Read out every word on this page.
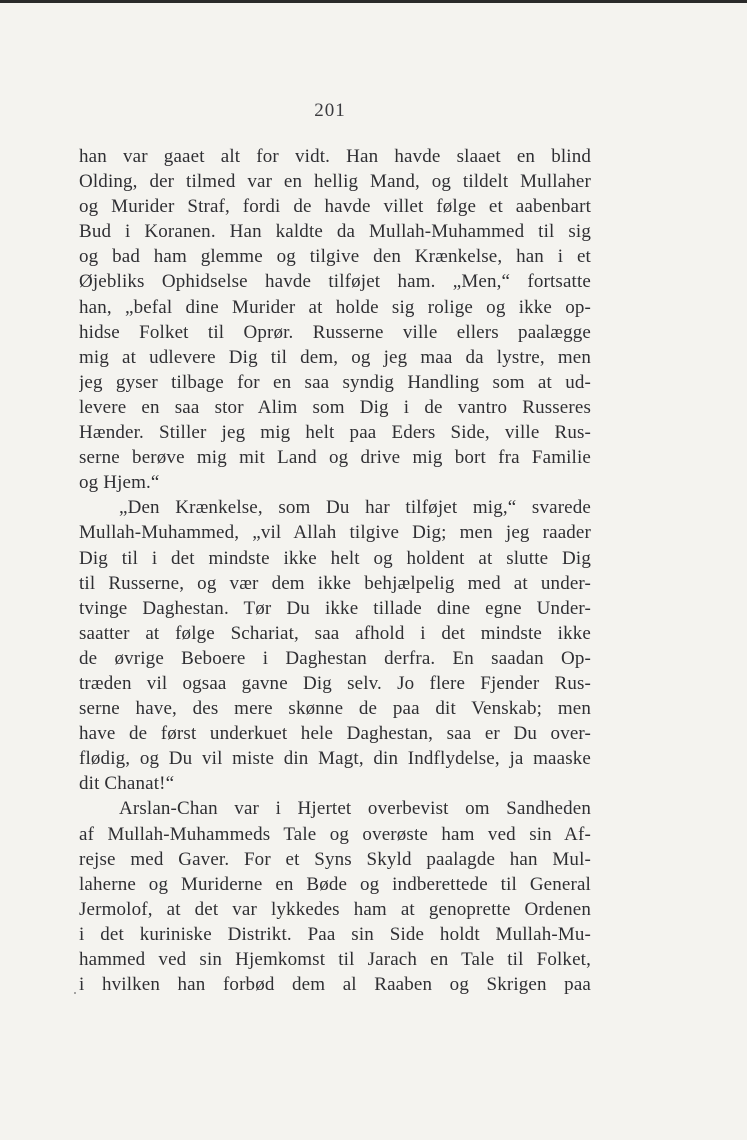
201
han var gaaet alt for vidt. Han havde slaaet en blind
Olding, der tilmed var en hellig Mand, og tildelt Mullaher
og Murider Straf, fordi de havde villet følge et aabenbart
Bud i Koranen. Han kaldte da Mullah-Muhammed til sig
og bad ham glemme og tilgive den Krænkelse, han i et
Øjebliks Ophidselse havde tilføjet ham. „Men,“ fortsatte
han, „befal dine Murider at holde sig rolige og ikke op-
hidse Folket til Oprør. Russerne ville ellers paalægge
mig at udlevere Dig til dem, og jeg maa da lystre, men
jeg gyser tilbage for en saa syndig Handling som at ud-
levere en saa stor Alim som Dig i de vantro Russeres
Hænder. Stiller jeg mig helt paa Eders Side, ville Rus-
serne berøve mig mit Land og drive mig bort fra Familie
og Hjem.“
„Den Krænkelse, som Du har tilføjet mig,“ svarede
Mullah-Muhammed, „vil Allah tilgive Dig; men jeg raader
Dig til i det mindste ikke helt og holdent at slutte Dig
til Russerne, og vær dem ikke behjælpelig med at under-
tvinge Daghestan. Tør Du ikke tillade dine egne Under-
saatter at følge Schariat, saa afhold i det mindste ikke
de øvrige Beboere i Daghestan derfra. En saadan Op-
træden vil ogsaa gavne Dig selv. Jo flere Fjender Rus-
serne have, des mere skønne de paa dit Venskab; men
have de først underkuet hele Daghestan, saa er Du over-
flødig, og Du vil miste din Magt, din Indflydelse, ja maaske
dit Chanat!“
Arslan-Chan var i Hjertet overbevist om Sandheden
af Mullah-Muhammeds Tale og overøste ham ved sin Af-
rejse med Gaver. For et Syns Skyld paalagde han Mul-
laherne og Muriderne en Bøde og indberettede til General
Jermolof, at det var lykkedes ham at genoprette Ordenen
i det kuriniske Distrikt. Paa sin Side holdt Mullah-Mu-
hammed ved sin Hjemkomst til Jarach en Tale til Folket,
i hvilken han forbød dem al Raaben og Skrigen paa
